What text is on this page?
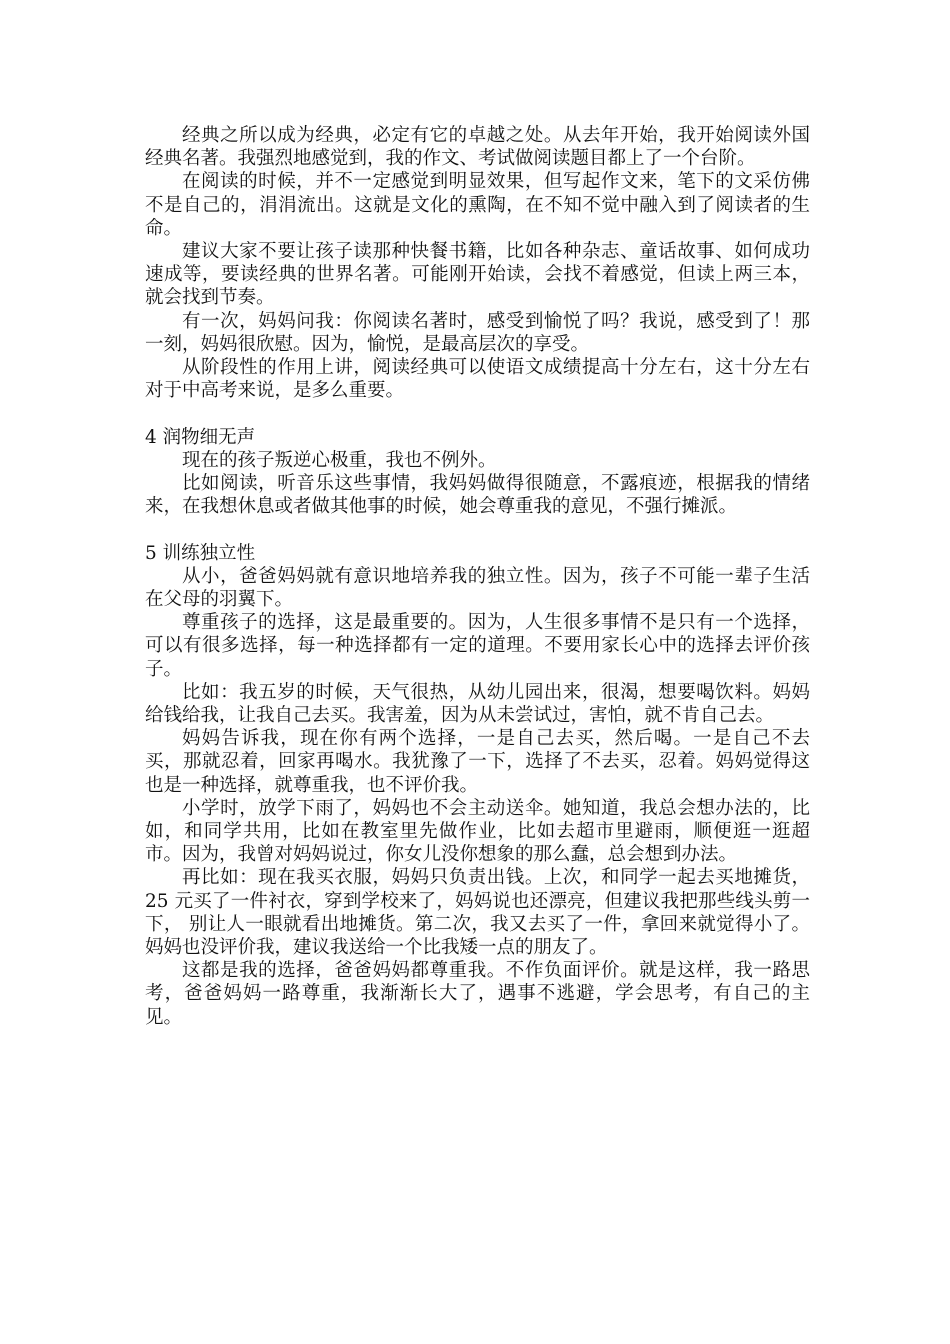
经典之所以成为经典，必定有它的卓越之处。从去年开始，我开始阅读外国经典名著。我强烈地感觉到，我的作文、考试做阅读题目都上了一个台阶。

在阅读的时候，并不一定感觉到明显效果，但写起作文来，笔下的文采仿佛不是自己的，涓涓流出。这就是文化的熏陶，在不知不觉中融入到了阅读者的生命。

建议大家不要让孩子读那种快餐书籍，比如各种杂志、童话故事、如何成功速成等，要读经典的世界名著。可能刚开始读，会找不着感觉，但读上两三本，就会找到节奏。

有一次，妈妈问我：你阅读名著时，感受到愉悦了吗？我说，感受到了！那一刻，妈妈很欣慰。因为，愉悦，是最高层次的享受。

从阶段性的作用上讲，阅读经典可以使语文成绩提高十分左右，这十分左右对于中高考来说，是多么重要。

4 润物细无声

现在的孩子叛逆心极重，我也不例外。

比如阅读，听音乐这些事情，我妈妈做得很随意，不露痕迹，根据我的情绪来，在我想休息或者做其他事的时候，她会尊重我的意见，不强行摊派。

5 训练独立性

从小，爸爸妈妈就有意识地培养我的独立性。因为，孩子不可能一辈子生活在父母的羽翼下。

尊重孩子的选择，这是最重要的。因为，人生很多事情不是只有一个选择，可以有很多选择，每一种选择都有一定的道理。不要用家长心中的选择去评价孩子。

比如：我五岁的时候，天气很热，从幼儿园出来，很渴，想要喝饮料。妈妈给钱给我，让我自己去买。我害羞，因为从未尝试过，害怕，就不肯自己去。

妈妈告诉我，现在你有两个选择，一是自己去买，然后喝。一是自己不去买，那就忍着，回家再喝水。我犹豫了一下，选择了不去买，忍着。妈妈觉得这也是一种选择，就尊重我，也不评价我。

小学时，放学下雨了，妈妈也不会主动送伞。她知道，我总会想办法的，比如，和同学共用，比如在教室里先做作业，比如去超市里避雨，顺便逛一逛超市。因为，我曾对妈妈说过，你女儿没你想象的那么蠢，总会想到办法。

再比如：现在我买衣服，妈妈只负责出钱。上次，和同学一起去买地摊货，25 元买了一件衬衣，穿到学校来了，妈妈说也还漂亮，但建议我把那些线头剪一下， 别让人一眼就看出地摊货。第二次，我又去买了一件，拿回来就觉得小了。妈妈也没评价我，建议我送给一个比我矮一点的朋友了。

这都是我的选择，爸爸妈妈都尊重我。不作负面评价。就是这样，我一路思考，爸爸妈妈一路尊重，我渐渐长大了，遇事不逃避，学会思考，有自己的主见。
